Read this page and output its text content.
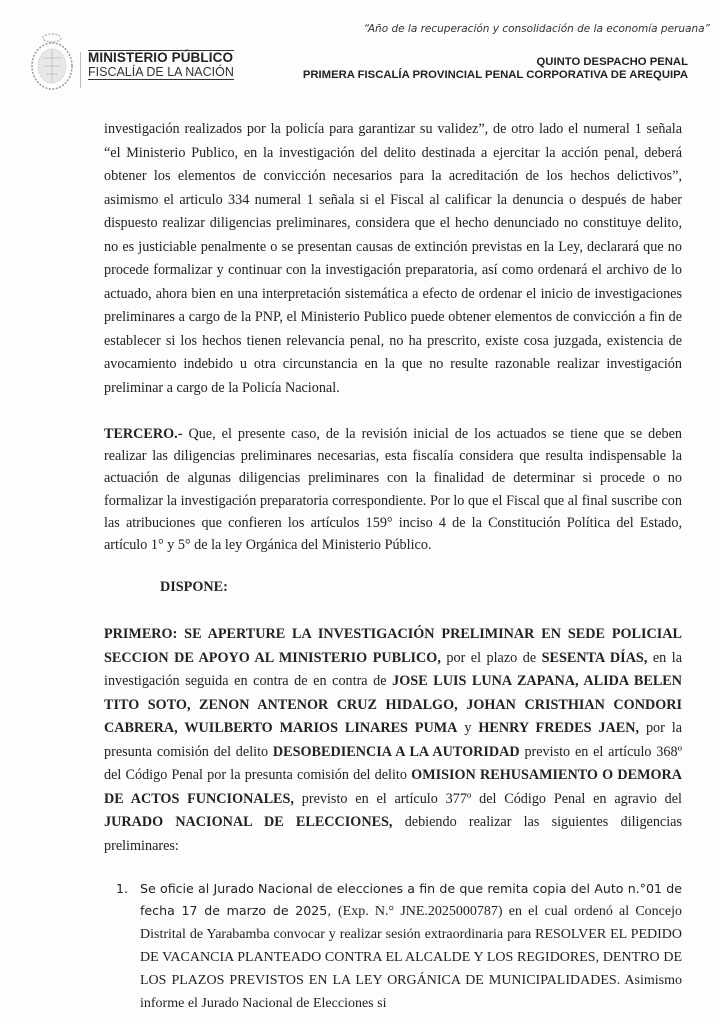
“Año de la recuperación y consolidación de la economía peruana”
MINISTERIO PÚBLICO
FISCALÍA DE LA NACIÓN
QUINTO DESPACHO PENAL
PRIMERA FISCALÍA PROVINCIAL PENAL CORPORATIVA DE AREQUIPA

investigación realizados por la policía para garantizar su validez”, de otro lado el numeral 1 señala “el Ministerio Publico, en la investigación del delito destinada a ejercitar la acción penal, deberá obtener los elementos de convicción necesarios para la acreditación de los hechos delictivos”, asimismo el articulo 334 numeral 1 señala si el Fiscal al calificar la denuncia o después de haber dispuesto realizar diligencias preliminares, considera que el hecho denunciado no constituye delito, no es justiciable penalmente o se presentan causas de extinción previstas en la Ley, declarará que no procede formalizar y continuar con la investigación preparatoria, así como ordenará el archivo de lo actuado, ahora bien en una interpretación sistemática a efecto de ordenar el inicio de investigaciones preliminares a cargo de la PNP, el Ministerio Publico puede obtener elementos de convicción a fin de establecer si los hechos tienen relevancia penal, no ha prescrito, existe cosa juzgada, existencia de avocamiento indebido u otra circunstancia en la que no resulte razonable realizar investigación preliminar a cargo de la Policía Nacional.

TERCERO.- Que, el presente caso, de la revisión inicial de los actuados se tiene que se deben realizar las diligencias preliminares necesarias, esta fiscalía considera que resulta indispensable la actuación de algunas diligencias preliminares con la finalidad de determinar si procede o no formalizar la investigación preparatoria correspondiente. Por lo que el Fiscal que al final suscribe con las atribuciones que confieren los artículos 159° inciso 4 de la Constitución Política del Estado, artículo 1° y 5° de la ley Orgánica del Ministerio Público.

DISPONE:

PRIMERO: SE APERTURE LA INVESTIGACIÓN PRELIMINAR EN SEDE POLICIAL SECCION DE APOYO AL MINISTERIO PUBLICO, por el plazo de SESENTA DÍAS, en la investigación seguida en contra de en contra de JOSE LUIS LUNA ZAPANA, ALIDA BELEN TITO SOTO, ZENON ANTENOR CRUZ HIDALGO, JOHAN CRISTHIAN CONDORI CABRERA, WUILBERTO MARIOS LINARES PUMA y HENRY FREDES JAEN, por la presunta comisión del delito DESOBEDIENCIA A LA AUTORIDAD previsto en el artículo 368º del Código Penal por la presunta comisión del delito OMISION REHUSAMIENTO O DEMORA DE ACTOS FUNCIONALES, previsto en el artículo 377º del Código Penal en agravio del JURADO NACIONAL DE ELECCIONES, debiendo realizar las siguientes diligencias preliminares:

1. Se oficie al Jurado Nacional de elecciones a fin de que remita copia del Auto n.°01 de fecha 17 de marzo de 2025, (Exp. N.° JNE.2025000787) en el cual ordenó al Concejo Distrital de Yarabamba convocar y realizar sesión extraordinaria para RESOLVER EL PEDIDO DE VACANCIA PLANTEADO CONTRA EL ALCALDE Y LOS REGIDORES, DENTRO DE LOS PLAZOS PREVISTOS EN LA LEY ORGÁNICA DE MUNICIPALIDADES. Asimismo informe el Jurado Nacional de Elecciones si
